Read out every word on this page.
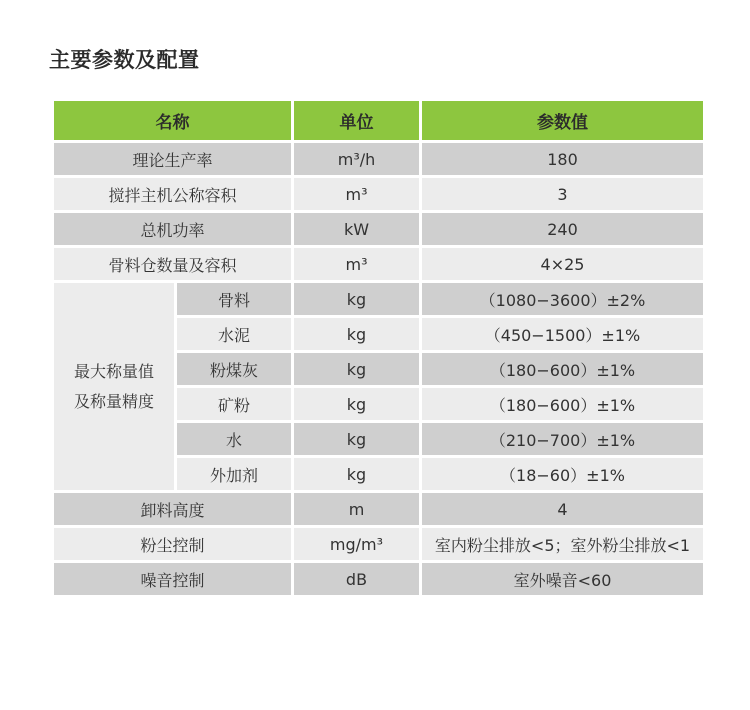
主要参数及配置
名称		单位	参数值
理论生产率		m³/h	180
搅拌主机公称容积		m³	3
总机功率		kW	240
骨料仓数量及容积		m³	4×25
最大称量值
及称量精度	骨料	kg	（1080−3600）±2%
	水泥	kg	（450−1500）±1%
	粉煤灰	kg	（180−600）±1%
	矿粉	kg	（180−600）±1%
	水	kg	（210−700）±1%
	外加剂	kg	（18−60）±1%
卸料高度		m	4
粉尘控制		mg/m³	室内粉尘排放<5；室外粉尘排放<1
噪音控制		dB	室外噪音<60
